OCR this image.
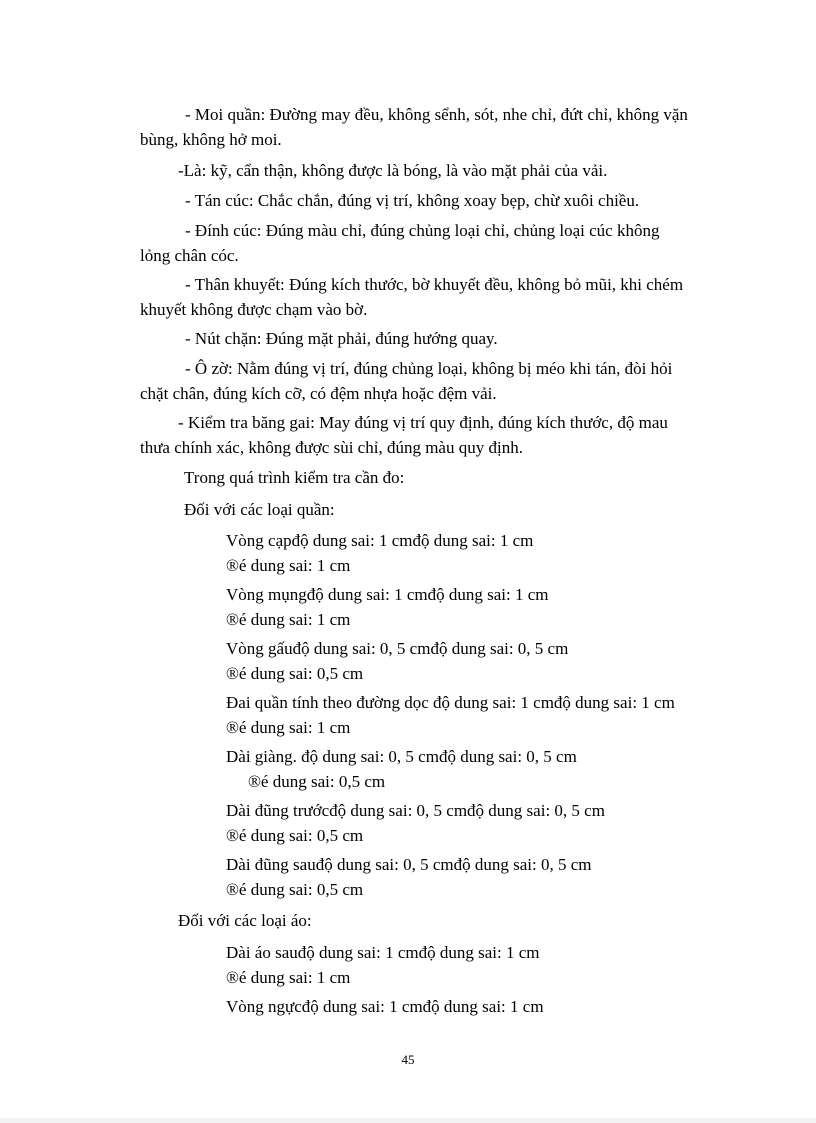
- Moi quần: Đường may đều, không sểnh, sót, nhe chỉ, đứt chỉ, không vặn
bùng, không hở moi.

-Là: kỹ, cẩn thận, không được là bóng, là vào mặt phải của vải.

- Tán cúc: Chắc chắn, đúng vị trí, không xoay bẹp, chừ xuôi chiều.

- Đính cúc: Đúng màu chỉ, đúng chủng loại chỉ, chủng loại cúc không
lỏng chân cóc.

- Thân khuyết: Đúng kích thước, bờ khuyết đều, không bỏ mũi, khi chém
khuyết không được chạm vào bờ.

- Nút chặn: Đúng mặt phải, đúng hướng quay.

- Ô zờ: Nằm đúng vị trí, đúng chủng loại, không bị méo khi tán, đòi hỏi
chặt chân, đúng kích cỡ, có đệm nhựa hoặc đệm vải.

- Kiểm tra băng gai: May đúng vị trí quy định, đúng kích thước, độ mau
thưa chính xác, không được sùi chỉ, đúng màu quy định.

Trong quá trình kiểm tra cần đo:

Đối với các loại quần:

Vòng cạpđộ dung sai: 1 cmđộ dung sai: 1 cm
®é dung sai: 1 cm

Vòng mụngđộ dung sai: 1 cmđộ dung sai: 1 cm
®é dung sai: 1 cm

Vòng gấuđộ dung sai: 0, 5 cmđộ dung sai: 0, 5 cm
®é dung sai: 0,5 cm

Đai quần tính theo đường dọc độ dung sai: 1 cmđộ dung sai: 1 cm
®é dung sai: 1 cm

Dài giàng. độ dung sai: 0, 5 cmđộ dung sai: 0, 5 cm
®é dung sai: 0,5 cm

Dài đũng trướcđộ dung sai: 0, 5 cmđộ dung sai: 0, 5 cm
®é dung sai: 0,5 cm

Dài đũng sauđộ dung sai: 0, 5 cmđộ dung sai: 0, 5 cm
®é dung sai: 0,5 cm

Đối với các loại áo:

Dài áo sauđộ dung sai: 1 cmđộ dung sai: 1 cm
®é dung sai: 1 cm

Vòng ngựcđộ dung sai: 1 cmđộ dung sai: 1 cm

45
